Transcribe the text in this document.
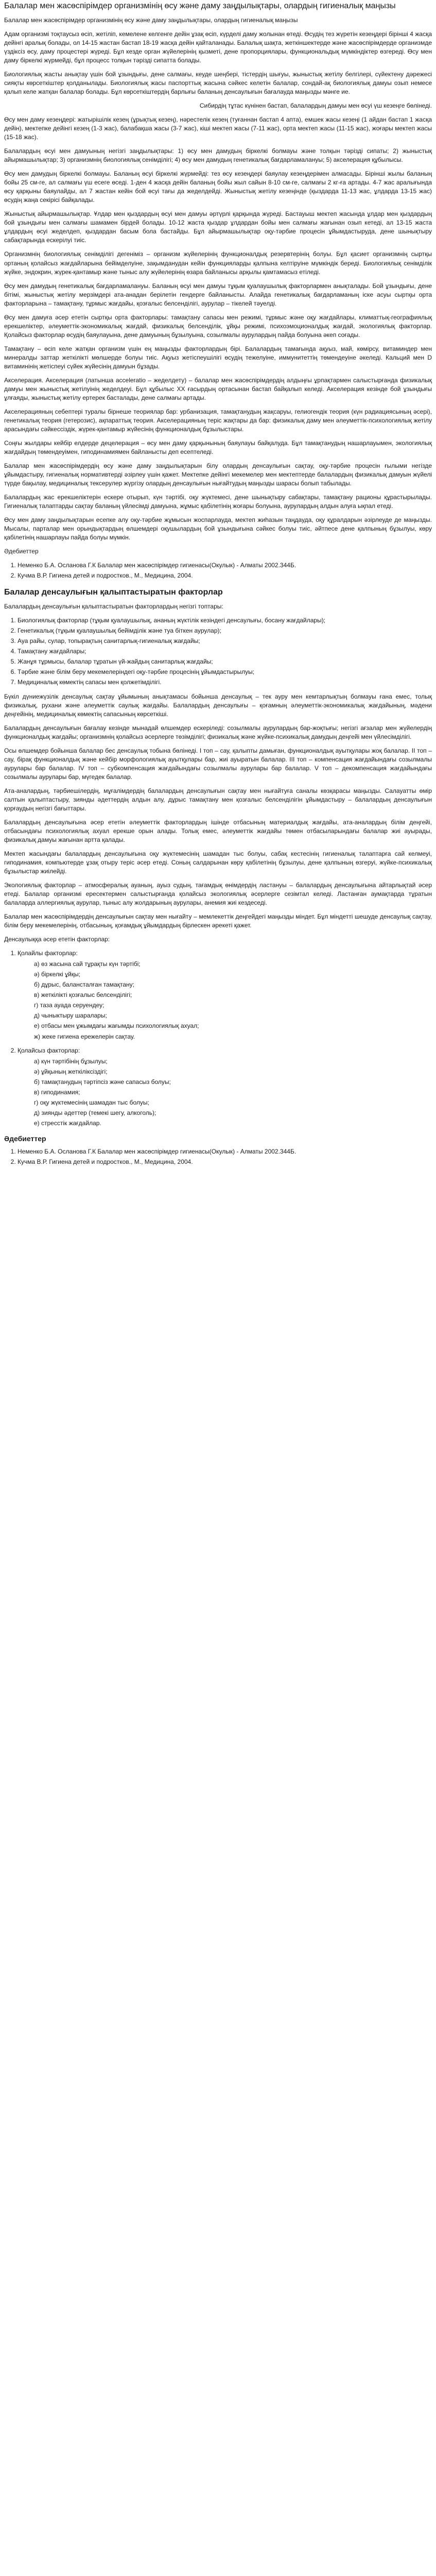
Балалар мен жасөспірімдер организмінің өсу және даму заңдылықтары, олардың гигиеналық маңызы

Балалар мен жасөспірімдер организмінің өсу және даму заңдылықтары, олардың гигиеналық маңызы

Адам организмі тоқтаусыз өсіп, жетіліп, кемелене келгенге дейін ұзақ өсіп, күрделі даму жолынан өтеді. Өсудің тез жүретін кезеңдері бірінші 4 жасқа дейінгі аралық болады, ол 14-15 жастан бастап 18-19 жасқа дейін қайталанады. Балалық шақта, жеткіншектерде және жасөспірімдерде организмде үздіксіз өсу, даму процестері жүреді. Бұл кезде орган жүйелерінің қызметі, дене пропорциялары, функциональдық мүмкіндіктер өзгереді. Өсу мен даму біркелкі жүрмейді, бұл процесс толқын тәрізді сипатта болады.

Биологиялық жасты анықтау үшін бой ұзындығы, дене салмағы, кеуде шеңбері, тістердің шығуы, жыныстық жетілу белгілері, сүйектену дәрежесі сияқты көрсеткіштер қолданылады. Биологиялық жасы паспорттық жасына сәйкес келетін балалар, сондай-ақ биологиялық дамуы озып немесе қалып келе жатқан балалар болады. Бұл көрсеткіштердің барлығы баланың денсаулығын бағалауда маңызды мәнге ие.

Сибирдің тұтас күнінен бастап, балалардың дамуы мен өсуі үш кезеңге бөлінеді.

Өсу мен даму кезеңдері: жатырішілік кезең (ұрықтық кезең), нәрестелік кезең (туғаннан бастап 4 апта), емшек жасы кезеңі (1 айдан бастап 1 жасқа дейін), мектепке дейінгі кезең (1-3 жас), балабақша жасы (3-7 жас), кіші мектеп жасы (7-11 жас), орта мектеп жасы (11-15 жас), жоғары мектеп жасы (15-18 жас).

Балалардың өсуі мен дамуының негізгі заңдылықтары: 1) өсу мен дамудың біркелкі болмауы және толқын тәрізді сипаты; 2) жыныстық айырмашылықтар; 3) организмнің биологиялық сенімділігі; 4) өсу мен дамудың генетикалық бағдарламалануы; 5) акселерация құбылысы.

Өсу мен дамудың біркелкі болмауы. Баланың өсуі біркелкі жүрмейді: тез өсу кезеңдері баяулау кезеңдерімен алмасады. Бірінші жылы баланың бойы 25 см-ге, ал салмағы үш есеге өседі. 1-ден 4 жасқа дейін баланың бойы жыл сайын 8-10 см-ге, салмағы 2 кг-ға артады. 4-7 жас аралығында өсу қарқыны баяулайды, ал 7 жастан кейін бой өсуі тағы да жеделдейді. Жыныстық жетілу кезеңінде (қыздарда 11-13 жас, ұлдарда 13-15 жас) өсудің жаңа секірісі байқалады.

Жыныстық айырмашылықтар. Ұлдар мен қыздардың өсуі мен дамуы әртүрлі қарқында жүреді. Бастауыш мектеп жасында ұлдар мен қыздардың бой ұзындығы мен салмағы шамамен бірдей болады. 10-12 жаста қыздар ұлдардан бойы мен салмағы жағынан озып кетеді, ал 13-15 жаста ұлдардың өсуі жеделдеп, қыздардан басым бола бастайды. Бұл айырмашылықтар оқу-тәрбие процесін ұйымдастыруда, дене шынықтыру сабақтарында ескерілуі тиіс.

Организмнің биологиялық сенімділігі дегеніміз – организм жүйелерінің функционалдық резервтерінің болуы. Бұл қасиет организмнің сыртқы ортаның қолайсыз жағдайларына бейімделуіне, зақымданудан кейін функцияларды қалпына келтіруіне мүмкіндік береді. Биологиялық сенімділік жүйке, эндокрин, жүрек-қантамыр және тыныс алу жүйелерінің өзара байланысы арқылы қамтамасыз етіледі.

Өсу мен дамудың генетикалық бағдарламалануы. Баланың өсуі мен дамуы тұқым қуалаушылық факторлармен анықталады. Бой ұзындығы, дене бітімі, жыныстық жетілу мерзімдері ата-анадан берілетін гендерге байланысты. Алайда генетикалық бағдарламаның іске асуы сыртқы орта факторларына – тамақтану, тұрмыс жағдайы, қозғалыс белсенділігі, аурулар – тікелей тәуелді.

Өсу мен дамуға әсер ететін сыртқы орта факторлары: тамақтану сапасы мен режимі, тұрмыс және оқу жағдайлары, климаттық-географиялық ерекшеліктер, әлеуметтік-экономикалық жағдай, физикалық белсенділік, ұйқы режимі, психоэмоционалдық жағдай, экологиялық факторлар. Қолайсыз факторлар өсудің баяулауына, дене дамуының бұзылуына, созылмалы аурулардың пайда болуына әкеп соғады.

Тамақтану – өсіп келе жатқан организм үшін ең маңызды факторлардың бірі. Балалардың тамағында ақуыз, май, көмірсу, витаминдер мен минералды заттар жеткілікті мөлшерде болуы тиіс. Ақуыз жетіспеушілігі өсудің тежелуіне, иммунитеттің төмендеуіне әкеледі. Кальций мен D витаминінің жетіспеуі сүйек жүйесінің дамуын бұзады.

Акселерация. Акселерация (латынша acceleratio – жеделдету) – балалар мен жасөспірімдердің алдыңғы ұрпақтармен салыстырғанда физикалық дамуы мен жыныстық жетілуінің жеделдеуі. Бұл құбылыс ХХ ғасырдың ортасынан бастап байқалып келеді. Акселерация кезінде бой ұзындығы ұлғаяды, жыныстық жетілу ертерек басталады, дене салмағы артады.

Акселерацияның себептері туралы бірнеше теориялар бар: урбанизация, тамақтанудың жақсаруы, гелиогендік теория (күн радиациясының әсері), генетикалық теория (гетерозис), ақпараттық теория. Акселерацияның теріс жақтары да бар: физикалық даму мен әлеуметтік-психологиялық жетілу арасындағы сәйкессіздік, жүрек-қантамыр жүйесінің функционалдық бұзылыстары.

Соңғы жылдары кейбір елдерде децелерация – өсу мен даму қарқынының баяулауы байқалуда. Бұл тамақтанудың нашарлауымен, экологиялық жағдайдың төмендеуімен, гиподинамиямен байланысты деп есептеледі.

Балалар мен жасөспірімдердің өсу және даму заңдылықтарын білу олардың денсаулығын сақтау, оқу-тәрбие процесін ғылыми негізде ұйымдастыру, гигиеналық нормативтерді әзірлеу үшін қажет. Мектепке дейінгі мекемелер мен мектептерде балалардың физикалық дамуын жүйелі түрде бақылау, медициналық тексерулер жүргізу олардың денсаулығын нығайтудың маңызды шарасы болып табылады.

Балалардың жас ерекшеліктерін ескере отырып, күн тәртібі, оқу жүктемесі, дене шынықтыру сабақтары, тамақтану рационы құрастырылады. Гигиеналық талаптарды сақтау баланың үйлесімді дамуына, жұмыс қабілетінің жоғары болуына, аурулардың алдын алуға ықпал етеді.

Өсу мен даму заңдылықтарын есепке алу оқу-тәрбие жұмысын жоспарлауда, мектеп жиһазын таңдауда, оқу құралдарын әзірлеуде де маңызды. Мысалы, парталар мен орындықтардың өлшемдері оқушылардың бой ұзындығына сәйкес болуы тиіс, әйтпесе дене қалпының бұзылуы, көру қабілетінің нашарлауы пайда болуы мүмкін.

Әдебиеттер

1. Неменко Б.А. Осланова Г.К Балалар мен жасөспірімдер гигиенасы(Окулык) - Алматы 2002.344Б.
2. Кучма В.Р. Гигиена детей и подростков., М., Медицина, 2004.
Балалар денсаулығын қалыптастыратын факторлар

Балалардың денсаулығын қалыптастыратын факторлардың негізгі топтары:

1. Биологиялық факторлар (тұқым қуалаушылық, ананың жүктілік кезіндегі денсаулығы, босану жағдайлары);
2. Генетикалық (тұқым қуалаушылық бейімділік және туа біткен аурулар);
3. Ауа райы, сулар, топырақтың санитарлық-гигиеналық жағдайы;
4. Тамақтану жағдайлары;
5. Жанұя тұрмысы, балалар тұратын үй-жайдың санитарлық жағдайы;
6. Тәрбие және білім беру мекемелеріндегі оқу-тәрбие процесінің ұйымдастырылуы;
7. Медициналық көмектің сапасы мен қолжетімділігі.

Бүкіл дүниежүзілік денсаулық сақтау ұйымының анықтамасы бойынша денсаулық – тек ауру мен кемтарлықтың болмауы ғана емес, толық физикалық, рухани және әлеуметтік саулық жағдайы. Балалардың денсаулығы – қоғамның әлеуметтік-экономикалық жағдайының, мәдени деңгейінің, медициналық көмектің сапасының көрсеткіші.

Балалардың денсаулығын бағалау кезінде мынадай өлшемдер ескеріледі: созылмалы аурулардың бар-жоқтығы; негізгі ағзалар мен жүйелердің функционалдық жағдайы; организмнің қолайсыз әсерлерге төзімділігі; физикалық және жүйке-психикалық дамудың деңгейі мен үйлесімділігі.

Осы өлшемдер бойынша балалар бес денсаулық тобына бөлінеді. І топ – сау, қалыпты дамыған, функционалдық ауытқулары жоқ балалар. ІІ топ – сау, бірақ функционалдық және кейбір морфологиялық ауытқулары бар, жиі ауыратын балалар. ІІІ топ – компенсация жағдайындағы созылмалы аурулары бар балалар. ІV топ – субкомпенсация жағдайындағы созылмалы аурулары бар балалар. V топ – декомпенсация жағдайындағы созылмалы аурулары бар, мүгедек балалар.

Ата-аналардың, тәрбиешілердің, мұғалімдердің балалардың денсаулығын сақтау мен нығайтуға саналы көзқарасы маңызды. Салауатты өмір салтын қалыптастыру, зиянды әдеттердің алдын алу, дұрыс тамақтану мен қозғалыс белсенділігін ұйымдастыру – балалардың денсаулығын қорғаудың негізгі бағыттары.

Балалардың денсаулығына әсер ететін әлеуметтік факторлардың ішінде отбасының материалдық жағдайы, ата-аналардың білім деңгейі, отбасындағы психологиялық ахуал ерекше орын алады. Толық емес, әлеуметтік жағдайы төмен отбасыларындағы балалар жиі ауырады, физикалық дамуы жағынан артта қалады.

Мектеп жасындағы балалардың денсаулығына оқу жүктемесінің шамадан тыс болуы, сабақ кестесінің гигиеналық талаптарға сай келмеуі, гиподинамия, компьютерде ұзақ отыру теріс әсер етеді. Соның салдарынан көру қабілетінің бұзылуы, дене қалпының өзгеруі, жүйке-психикалық бұзылыстар жиілейді.

Экологиялық факторлар – атмосфералық ауаның, ауыз судың, тағамдық өнімдердің ластануы – балалардың денсаулығына айтарлықтай әсер етеді. Балалар организмі ересектермен салыстырғанда қолайсыз экологиялық әсерлерге сезімтал келеді. Ластанған аумақтарда тұратын балаларда аллергиялық аурулар, тыныс алу жолдарының аурулары, анемия жиі кездеседі.

Балалар мен жасөспірімдердің денсаулығын сақтау мен нығайту – мемлекеттік деңгейдегі маңызды міндет. Бұл міндетті шешуде денсаулық сақтау, білім беру мекемелерінің, отбасының, қоғамдық ұйымдардың бірлескен әрекеті қажет.

Денсаулыққа әсер ететін факторлар:

1. Қолайлы факторлар:
а) өз жасына сай тұрақты күн тәртібі;
ә) біркелкі ұйқы;
б) дұрыс, балансталған тамақтану;
в) жеткілікті қозғалыс белсенділігі;
г) таза ауада серуендеу;
д) чыныктыру шаралары;
е) отбасы мен ұжымдағы жағымды психологиялық ахуал;
ж) жеке гигиена ережелерін сақтау.
2. Қолайсыз факторлар:
а) күн тәртібінің бұзылуы;
ә) ұйқының жеткіліксіздігі;
б) тамақтанудың тәртіпсіз және сапасыз болуы;
в) гиподинамия;
г) оқу жүктемесінің шамадан тыс болуы;
д) зиянды әдеттер (темекі шегу, алкоголь);
е) стресстік жағдайлар.
Әдебиеттер
1. Неменко Б.А. Осланова Г.К Балалар мен жасөспірімдер гигиенасы(Окулык) - Алматы 2002.344Б.
2. Кучма В.Р. Гигиена детей и подростков., М., Медицина, 2004.
